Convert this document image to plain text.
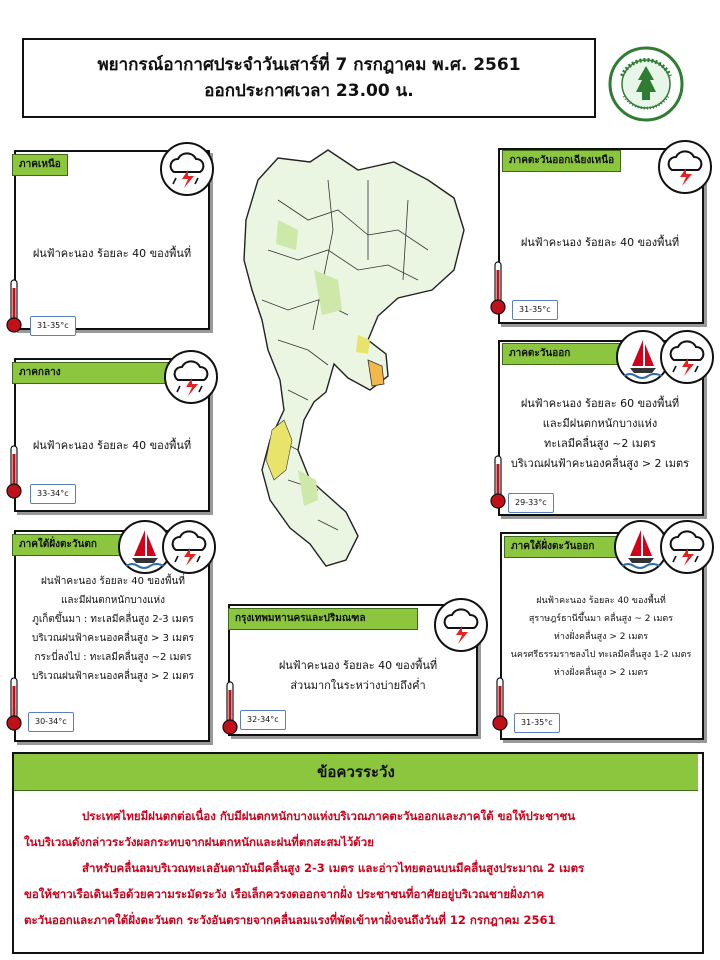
พยากรณ์อากาศประจำวันเสาร์ที่ 7 กรกฎาคม พ.ศ. 2561
ออกประกาศเวลา 23.00 น.
ภาคเหนือ
ฝนฟ้าคะนอง ร้อยละ 40 ของพื้นที่
31-35°c
ภาคตะวันออกเฉียงเหนือ
ฝนฟ้าคะนอง ร้อยละ 40 ของพื้นที่
31-35°c
ภาคกลาง
ฝนฟ้าคะนอง ร้อยละ 40 ของพื้นที่
33-34°c
ภาคตะวันออก
ฝนฟ้าคะนอง ร้อยละ 60 ของพื้นที่
และมีฝนตกหนักบางแห่ง
ทะเลมีคลื่นสูง ~2 เมตร
บริเวณฝนฟ้าคะนองคลื่นสูง > 2 เมตร
29-33°c
ภาคใต้ฝั่งตะวันตก
ฝนฟ้าคะนอง ร้อยละ 40 ของพื้นที่
และมีฝนตกหนักบางแห่ง
ภูเก็ตขึ้นมา : ทะเลมีคลื่นสูง 2-3 เมตร
บริเวณฝนฟ้าคะนองคลื่นสูง > 3 เมตร
กระบี่ลงไป : ทะเลมีคลื่นสูง ~2 เมตร
บริเวณฝนฟ้าคะนองคลื่นสูง > 2 เมตร
30-34°c
กรุงเทพมหานครและปริมณฑล
ฝนฟ้าคะนอง ร้อยละ 40 ของพื้นที่
ส่วนมากในระหว่างบ่ายถึงค่ำ
32-34°c
ภาคใต้ฝั่งตะวันออก
ฝนฟ้าคะนอง ร้อยละ 40 ของพื้นที่
สุราษฎร์ธานีขึ้นมา คลื่นสูง ~ 2 เมตร
ห่างฝั่งคลื่นสูง > 2 เมตร
นครศรีธรรมราชลงไป ทะเลมีคลื่นสูง 1-2 เมตร
ห่างฝั่งคลื่นสูง > 2 เมตร
31-35°c
ข้อควรระวัง
ประเทศไทยมีฝนตกต่อเนื่อง กับมีฝนตกหนักบางแห่งบริเวณภาคตะวันออกและภาคใต้ ขอให้ประชาชน
ในบริเวณดังกล่าวระวังผลกระทบจากฝนตกหนักและฝนที่ตกสะสมไว้ด้วย
สำหรับคลื่นลมบริเวณทะเลอันดามันมีคลื่นสูง 2-3 เมตร และอ่าวไทยตอนบนมีคลื่นสูงประมาณ 2 เมตร
ขอให้ชาวเรือเดินเรือด้วยความระมัดระวัง เรือเล็กควรงดออกจากฝั่ง ประชาชนที่อาศัยอยู่บริเวณชายฝั่งภาค
ตะวันออกและภาคใต้ฝั่งตะวันตก ระวังอันตรายจากคลื่นลมแรงที่พัดเข้าหาฝั่งจนถึงวันที่ 12 กรกฎาคม 2561
